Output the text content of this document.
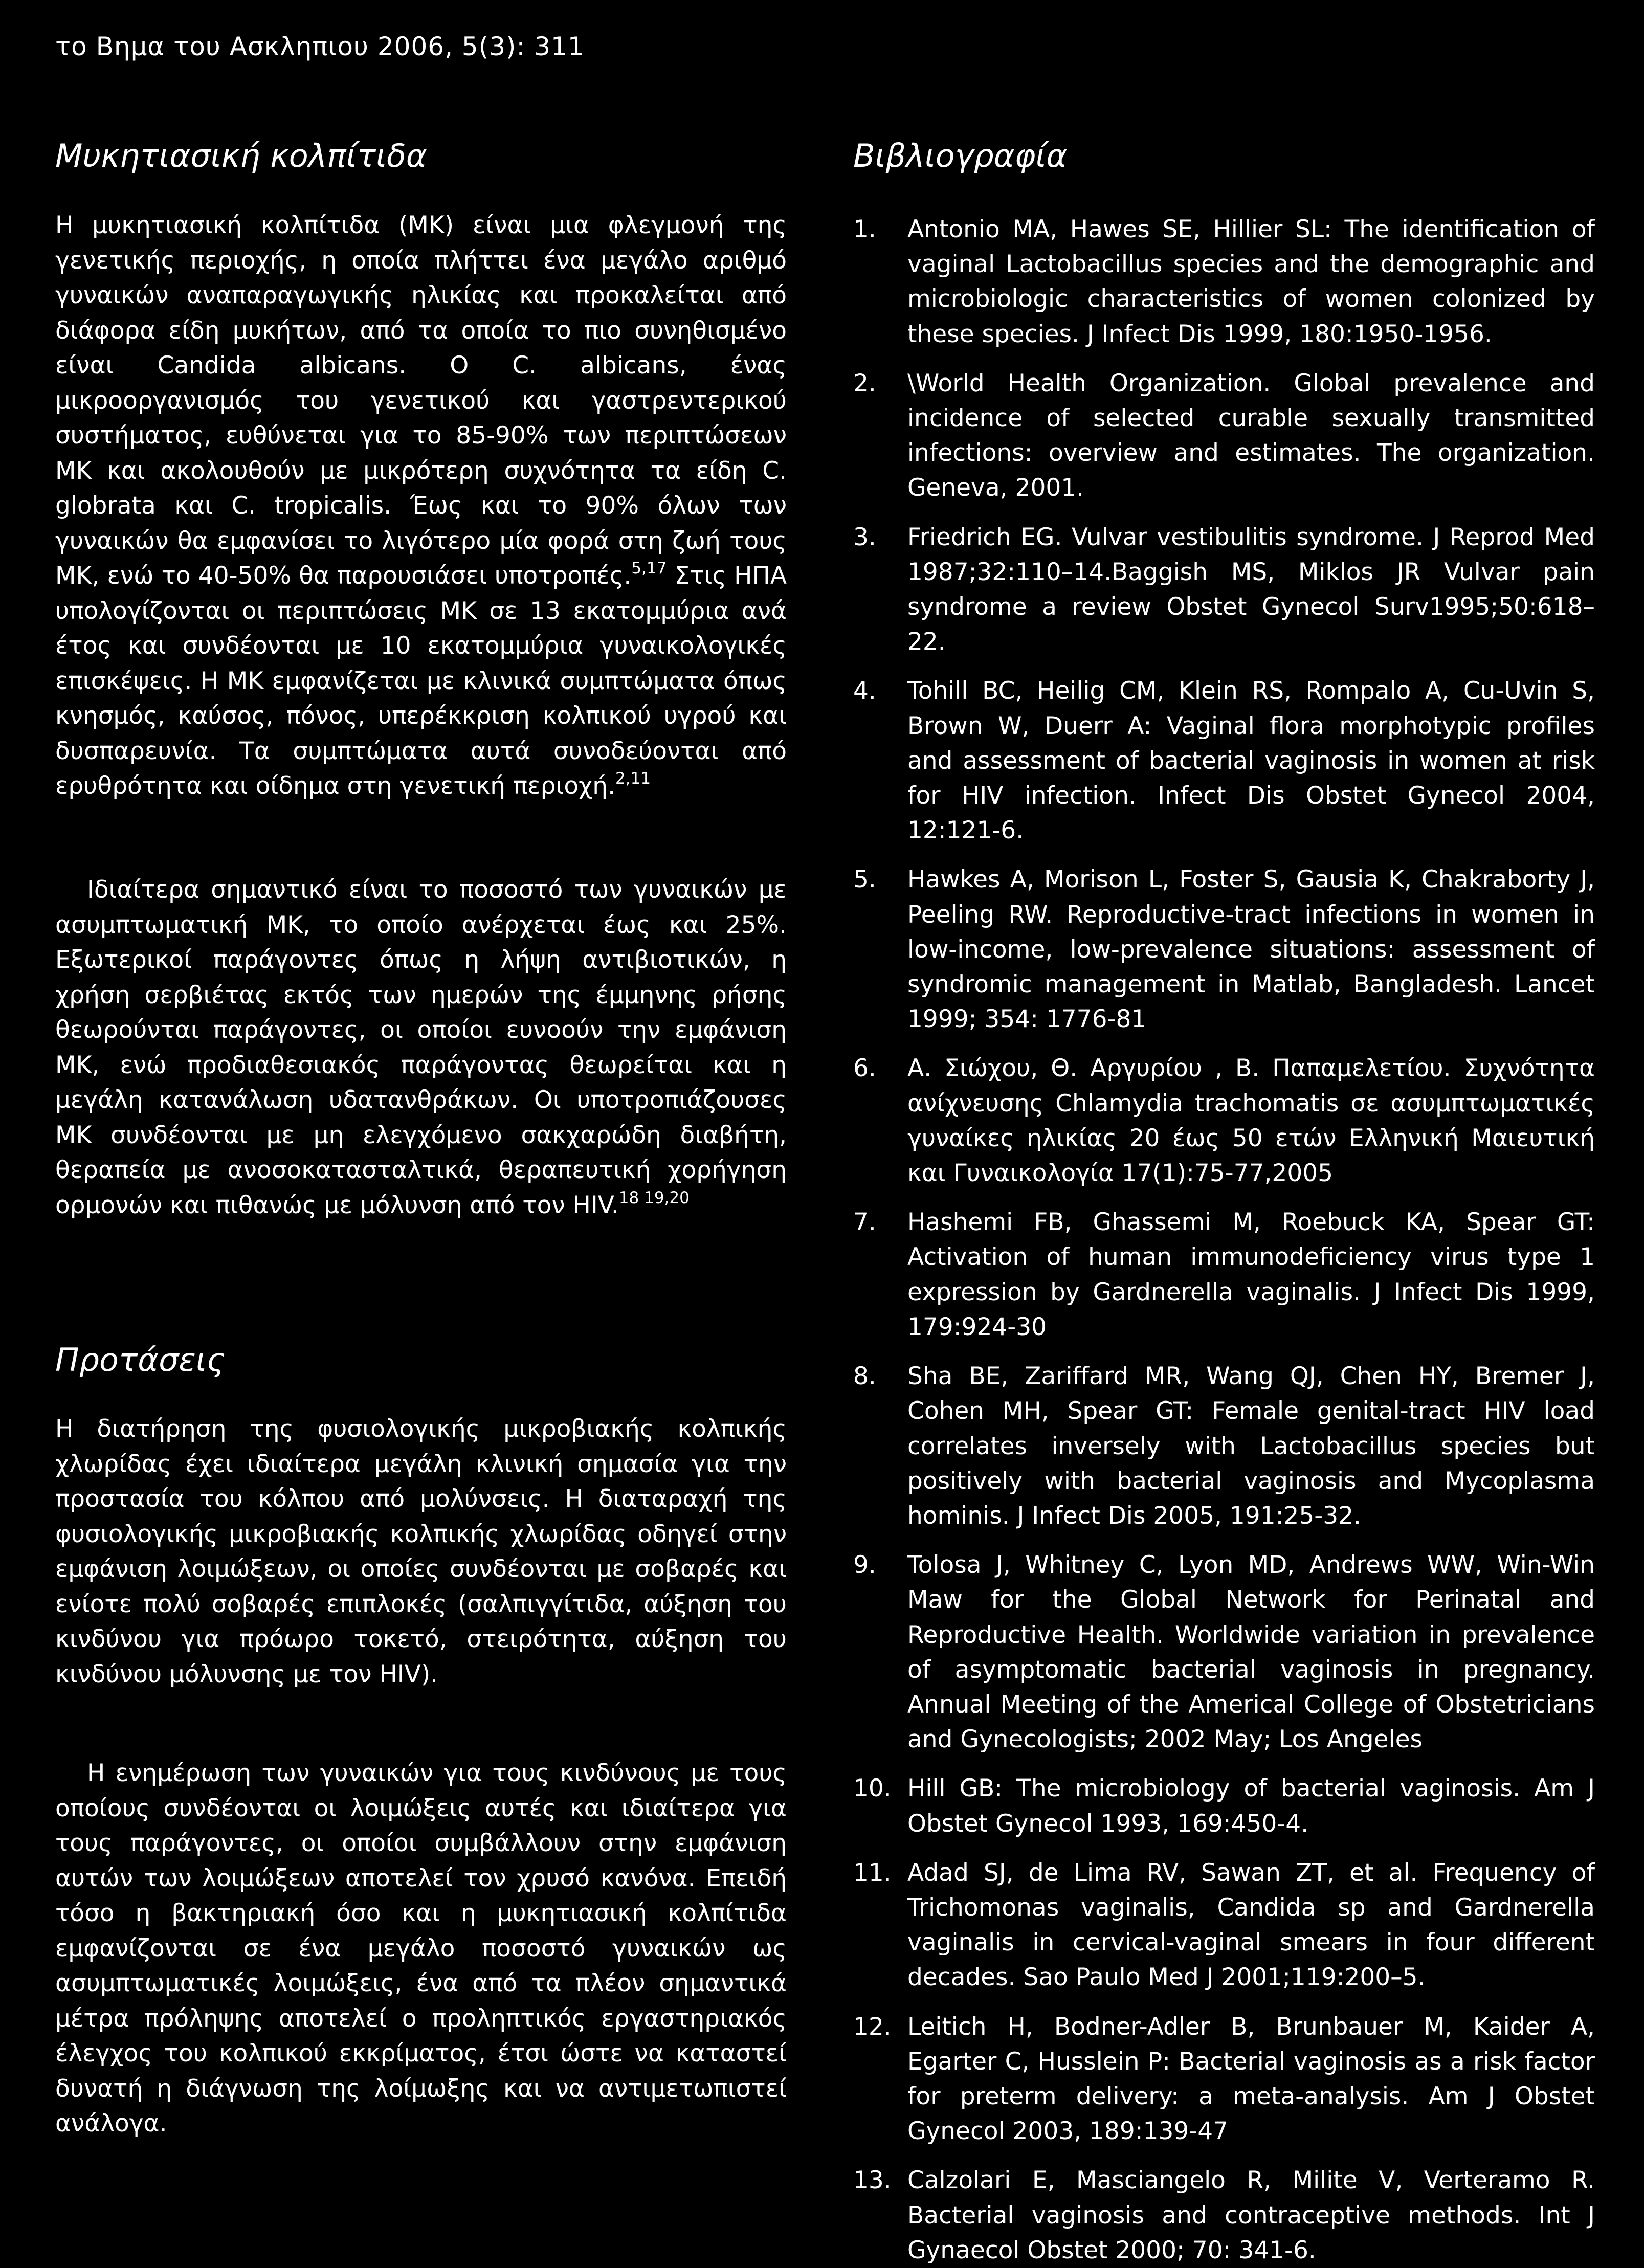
το Βημα του Ασκληπιου 2006, 5(3): 311
Μυκητιασική κολπίτιδα

Η μυκητιασική κολπίτιδα (ΜΚ) είναι μια φλεγμονή της γενετικής περιοχής, η οποία πλήττει ένα μεγάλο αριθμό γυναικών αναπαραγωγικής ηλικίας και προκαλείται από διάφορα είδη μυκήτων, από τα οποία το πιο συνηθισμένο είναι Candida albicans. O C. albicans, ένας μικροοργανισμός του γενετικού και γαστρεντερικού συστήματος, ευθύνεται για το 85-90% των περιπτώσεων ΜΚ και ακολουθούν με μικρότερη συχνότητα τα είδη C. globrata και C. tropicalis. Έως και το 90% όλων των γυναικών θα εμφανίσει το λιγότερο μία φορά στη ζωή τους ΜΚ, ενώ το 40-50% θα παρουσιάσει υποτροπές.$^{5,17}$ Στις ΗΠΑ υπολογίζονται οι περιπτώσεις ΜΚ σε 13 εκατομμύρια ανά έτος και συνδέονται με 10 εκατομμύρια γυναικολογικές επισκέψεις. Η ΜΚ εμφανίζεται με κλινικά συμπτώματα όπως κνησμός, καύσος, πόνος, υπερέκκριση κολπικού υγρού και δυσπαρευνία. Τα συμπτώματα αυτά συνοδεύονται από ερυθρότητα και οίδημα στη γενετική περιοχή.$^{2,11}$

Ιδιαίτερα σημαντικό είναι το ποσοστό των γυναικών με ασυμπτωματική ΜΚ, το οποίο ανέρχεται έως και 25%. Εξωτερικοί παράγοντες όπως η λήψη αντιβιοτικών, η χρήση σερβιέτας εκτός των ημερών της έμμηνης ρήσης θεωρούνται παράγοντες, οι οποίοι ευνοούν την εμφάνιση ΜΚ, ενώ προδιαθεσιακός παράγοντας θεωρείται και η μεγάλη κατανάλωση υδατανθράκων. Οι υποτροπιάζουσες ΜΚ συνδέονται με μη ελεγχόμενο σακχαρώδη διαβήτη, θεραπεία με ανοσοκατασταλτικά, θεραπευτική χορήγηση ορμονών και πιθανώς με μόλυνση από τον HIV.$^{18 19,20}$

Προτάσεις

Η διατήρηση της φυσιολογικής μικροβιακής κολπικής χλωρίδας έχει ιδιαίτερα μεγάλη κλινική σημασία για την προστασία του κόλπου από μολύνσεις. Η διαταραχή της φυσιολογικής μικροβιακής κολπικής χλωρίδας οδηγεί στην εμφάνιση λοιμώξεων, οι οποίες συνδέονται με σοβαρές και ενίοτε πολύ σοβαρές επιπλοκές (σαλπιγγίτιδα, αύξηση του κινδύνου για πρόωρο τοκετό, στειρότητα, αύξηση του κινδύνου μόλυνσης με τον HIV).

Η ενημέρωση των γυναικών για τους κινδύνους με τους οποίους συνδέονται οι λοιμώξεις αυτές και ιδιαίτερα για τους παράγοντες, οι οποίοι συμβάλλουν στην εμφάνιση αυτών των λοιμώξεων αποτελεί τον χρυσό κανόνα. Επειδή τόσο η βακτηριακή όσο και η μυκητιασική κολπίτιδα εμφανίζονται σε ένα μεγάλο ποσοστό γυναικών ως ασυμπτωματικές λοιμώξεις, ένα από τα πλέον σημαντικά μέτρα πρόληψης αποτελεί ο προληπτικός εργαστηριακός έλεγχος του κολπικού εκκρίματος, έτσι ώστε να καταστεί δυνατή η διάγνωση της λοίμωξης και να αντιμετωπιστεί ανάλογα.

Βιβλιογραφία
1.	Antonio MA, Hawes SE, Hillier SL: The identification of vaginal Lactobacillus species and the demographic and microbiologic characteristics of women colonized by these species. J Infect Dis 1999, 180:1950-1956.
2.	\World Health Organization. Global prevalence and incidence of selected curable sexually transmitted infections: overview and estimates. The organization. Geneva, 2001.
3.	Friedrich EG. Vulvar vestibulitis syndrome. J Reprod Med 1987;32:110–14.Baggish MS, Miklos JR Vulvar pain syndrome a review Obstet Gynecol Surv1995;50:618–22.
4.	Tohill BC, Heilig CM, Klein RS, Rompalo A, Cu-Uvin S, Brown W, Duerr A: Vaginal flora morphotypic profiles and assessment of bacterial vaginosis in women at risk for HIV infection. Infect Dis Obstet Gynecol 2004, 12:121-6.
5.	Hawkes A, Morison L, Foster S, Gausia K, Chakraborty J, Peeling RW. Reproductive-tract infections in women in low-income, low-prevalence situations: assessment of syndromic management in Matlab, Bangladesh. Lancet 1999; 354: 1776-81
6.	Α. Σιώχου, Θ. Αργυρίου , Β. Παπαμελετίου. Συχνότητα ανίχνευσης Chlamydia trachomatis σε ασυμπτωματικές γυναίκες ηλικίας 20 έως 50 ετών Ελληνική Μαιευτική και Γυναικολογία 17(1):75-77,2005
7.	Hashemi FB, Ghassemi M, Roebuck KA, Spear GT: Activation of human immunodeficiency virus type 1 expression by Gardnerella vaginalis. J Infect Dis 1999, 179:924-30
8.	Sha BE, Zariffard MR, Wang QJ, Chen HY, Bremer J, Cohen MH, Spear GT: Female genital-tract HIV load correlates inversely with Lactobacillus species but positively with bacterial vaginosis and Mycoplasma hominis. J Infect Dis 2005, 191:25-32.
9.	Tolosa J, Whitney C, Lyon MD, Andrews WW, Win-Win Maw for the Global Network for Perinatal and Reproductive Health. Worldwide variation in prevalence of asymptomatic bacterial vaginosis in pregnancy. Annual Meeting of the Americal College of Obstetricians and Gynecologists; 2002 May; Los Angeles
10. Hill GB: The microbiology of bacterial vaginosis. Am J Obstet Gynecol 1993, 169:450-4.
11. Adad SJ, de Lima RV, Sawan ZT, et al. Frequency of Trichomonas vaginalis, Candida sp and Gardnerella vaginalis in cervical-vaginal smears in four different decades. Sao Paulo Med J 2001;119:200–5.
12. Leitich H, Bodner-Adler B, Brunbauer M, Kaider A, Egarter C, Husslein P: Bacterial vaginosis as a risk factor for preterm delivery: a meta-analysis. Am J Obstet Gynecol 2003, 189:139-47
13. Calzolari E, Masciangelo R, Milite V, Verteramo R. Bacterial vaginosis and contraceptive methods. Int J Gynaecol Obstet 2000; 70: 341-6.
